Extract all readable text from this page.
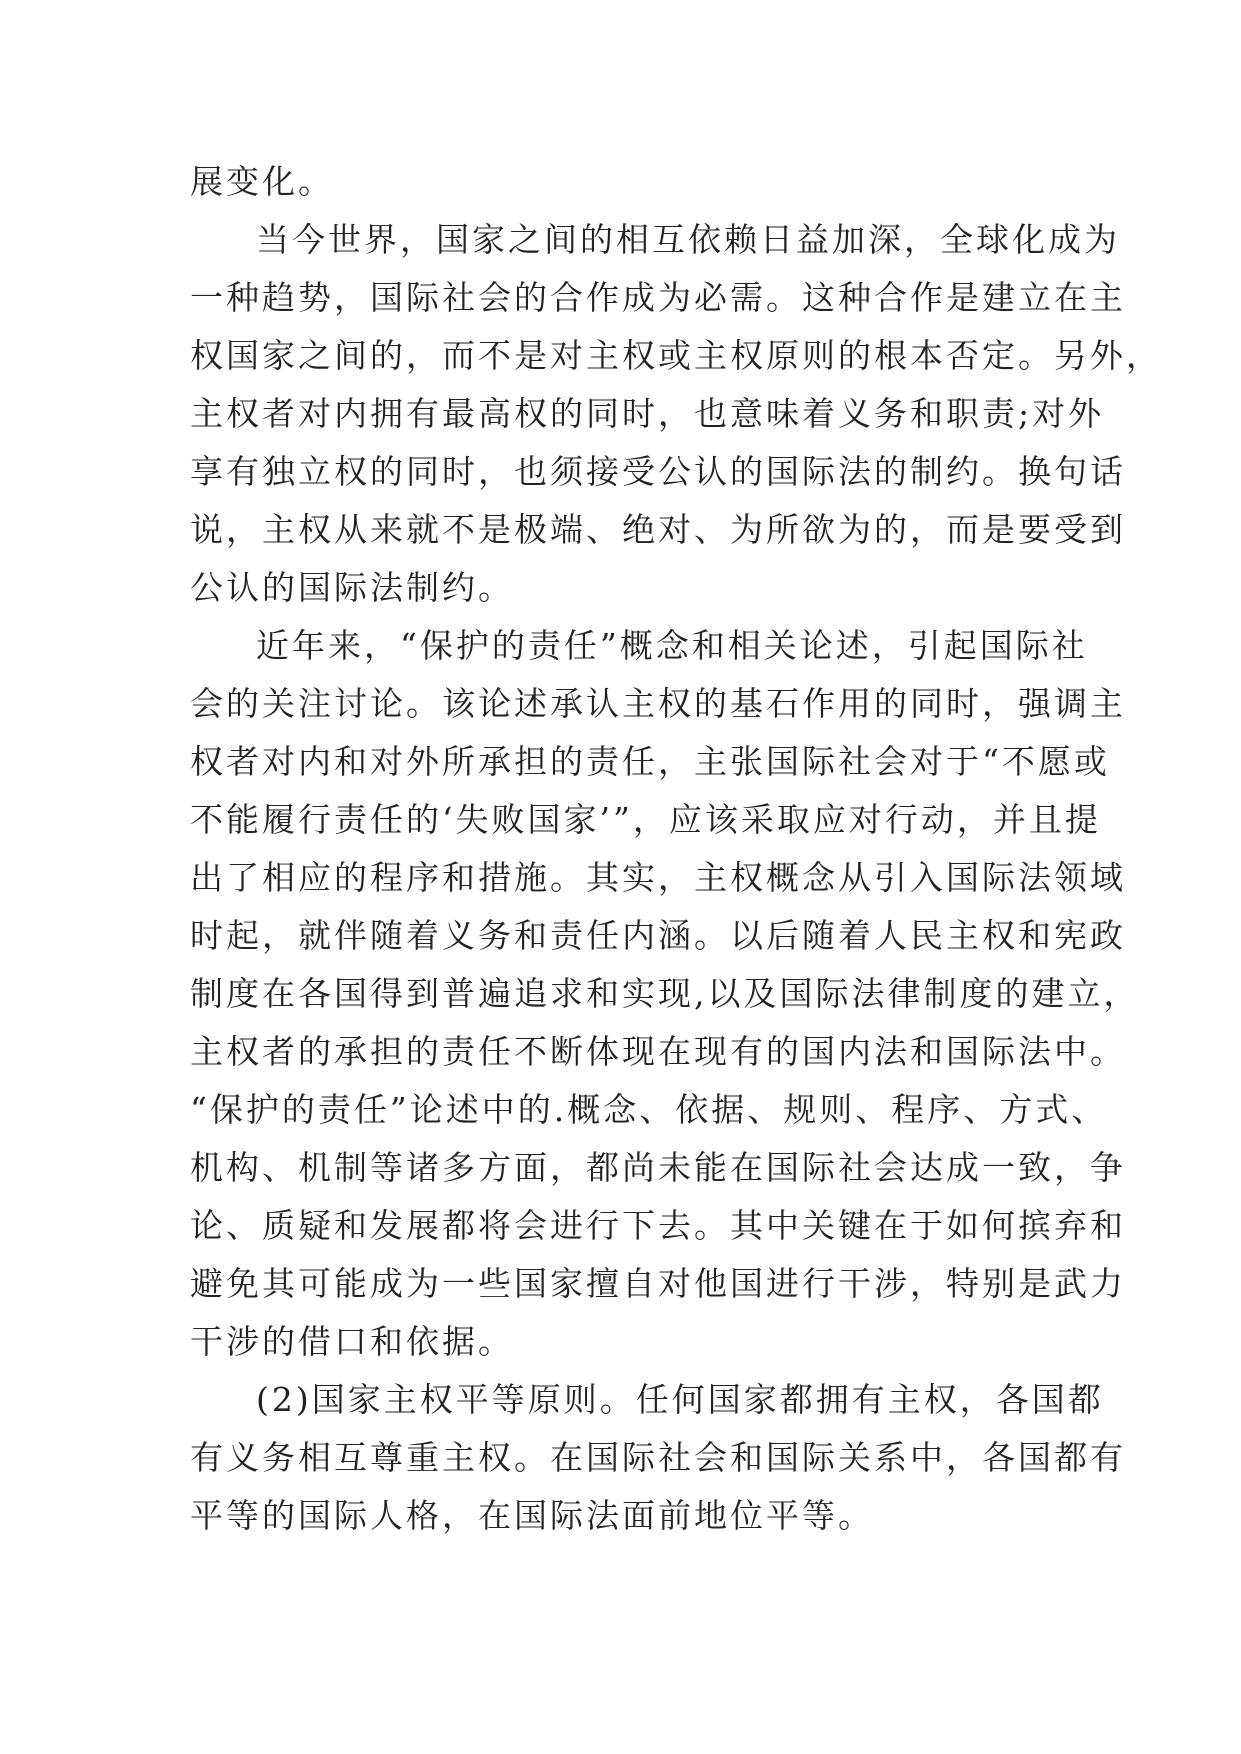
展变化。
当今世界，国家之间的相互依赖日益加深，全球化成为
一种趋势，国际社会的合作成为必需。这种合作是建立在主
权国家之间的，而不是对主权或主权原则的根本否定。另外，
主权者对内拥有最高权的同时，也意味着义务和职责;对外
享有独立权的同时，也须接受公认的国际法的制约。换句话
说，主权从来就不是极端、绝对、为所欲为的，而是要受到
公认的国际法制约。
近年来，“保护的责任”概念和相关论述，引起国际社
会的关注讨论。该论述承认主权的基石作用的同时，强调主
权者对内和对外所承担的责任，主张国际社会对于“不愿或
不能履行责任的‘失败国家’”，应该采取应对行动，并且提
出了相应的程序和措施。其实，主权概念从引入国际法领域
时起，就伴随着义务和责任内涵。以后随着人民主权和宪政
制度在各国得到普遍追求和实现,以及国际法律制度的建立，
主权者的承担的责任不断体现在现有的国内法和国际法中。
“保护的责任”论述中的.概念、依据、规则、程序、方式、
机构、机制等诸多方面，都尚未能在国际社会达成一致，争
论、质疑和发展都将会进行下去。其中关键在于如何摈弃和
避免其可能成为一些国家擅自对他国进行干涉，特别是武力
干涉的借口和依据。
(2)国家主权平等原则。任何国家都拥有主权，各国都
有义务相互尊重主权。在国际社会和国际关系中，各国都有
平等的国际人格，在国际法面前地位平等。
